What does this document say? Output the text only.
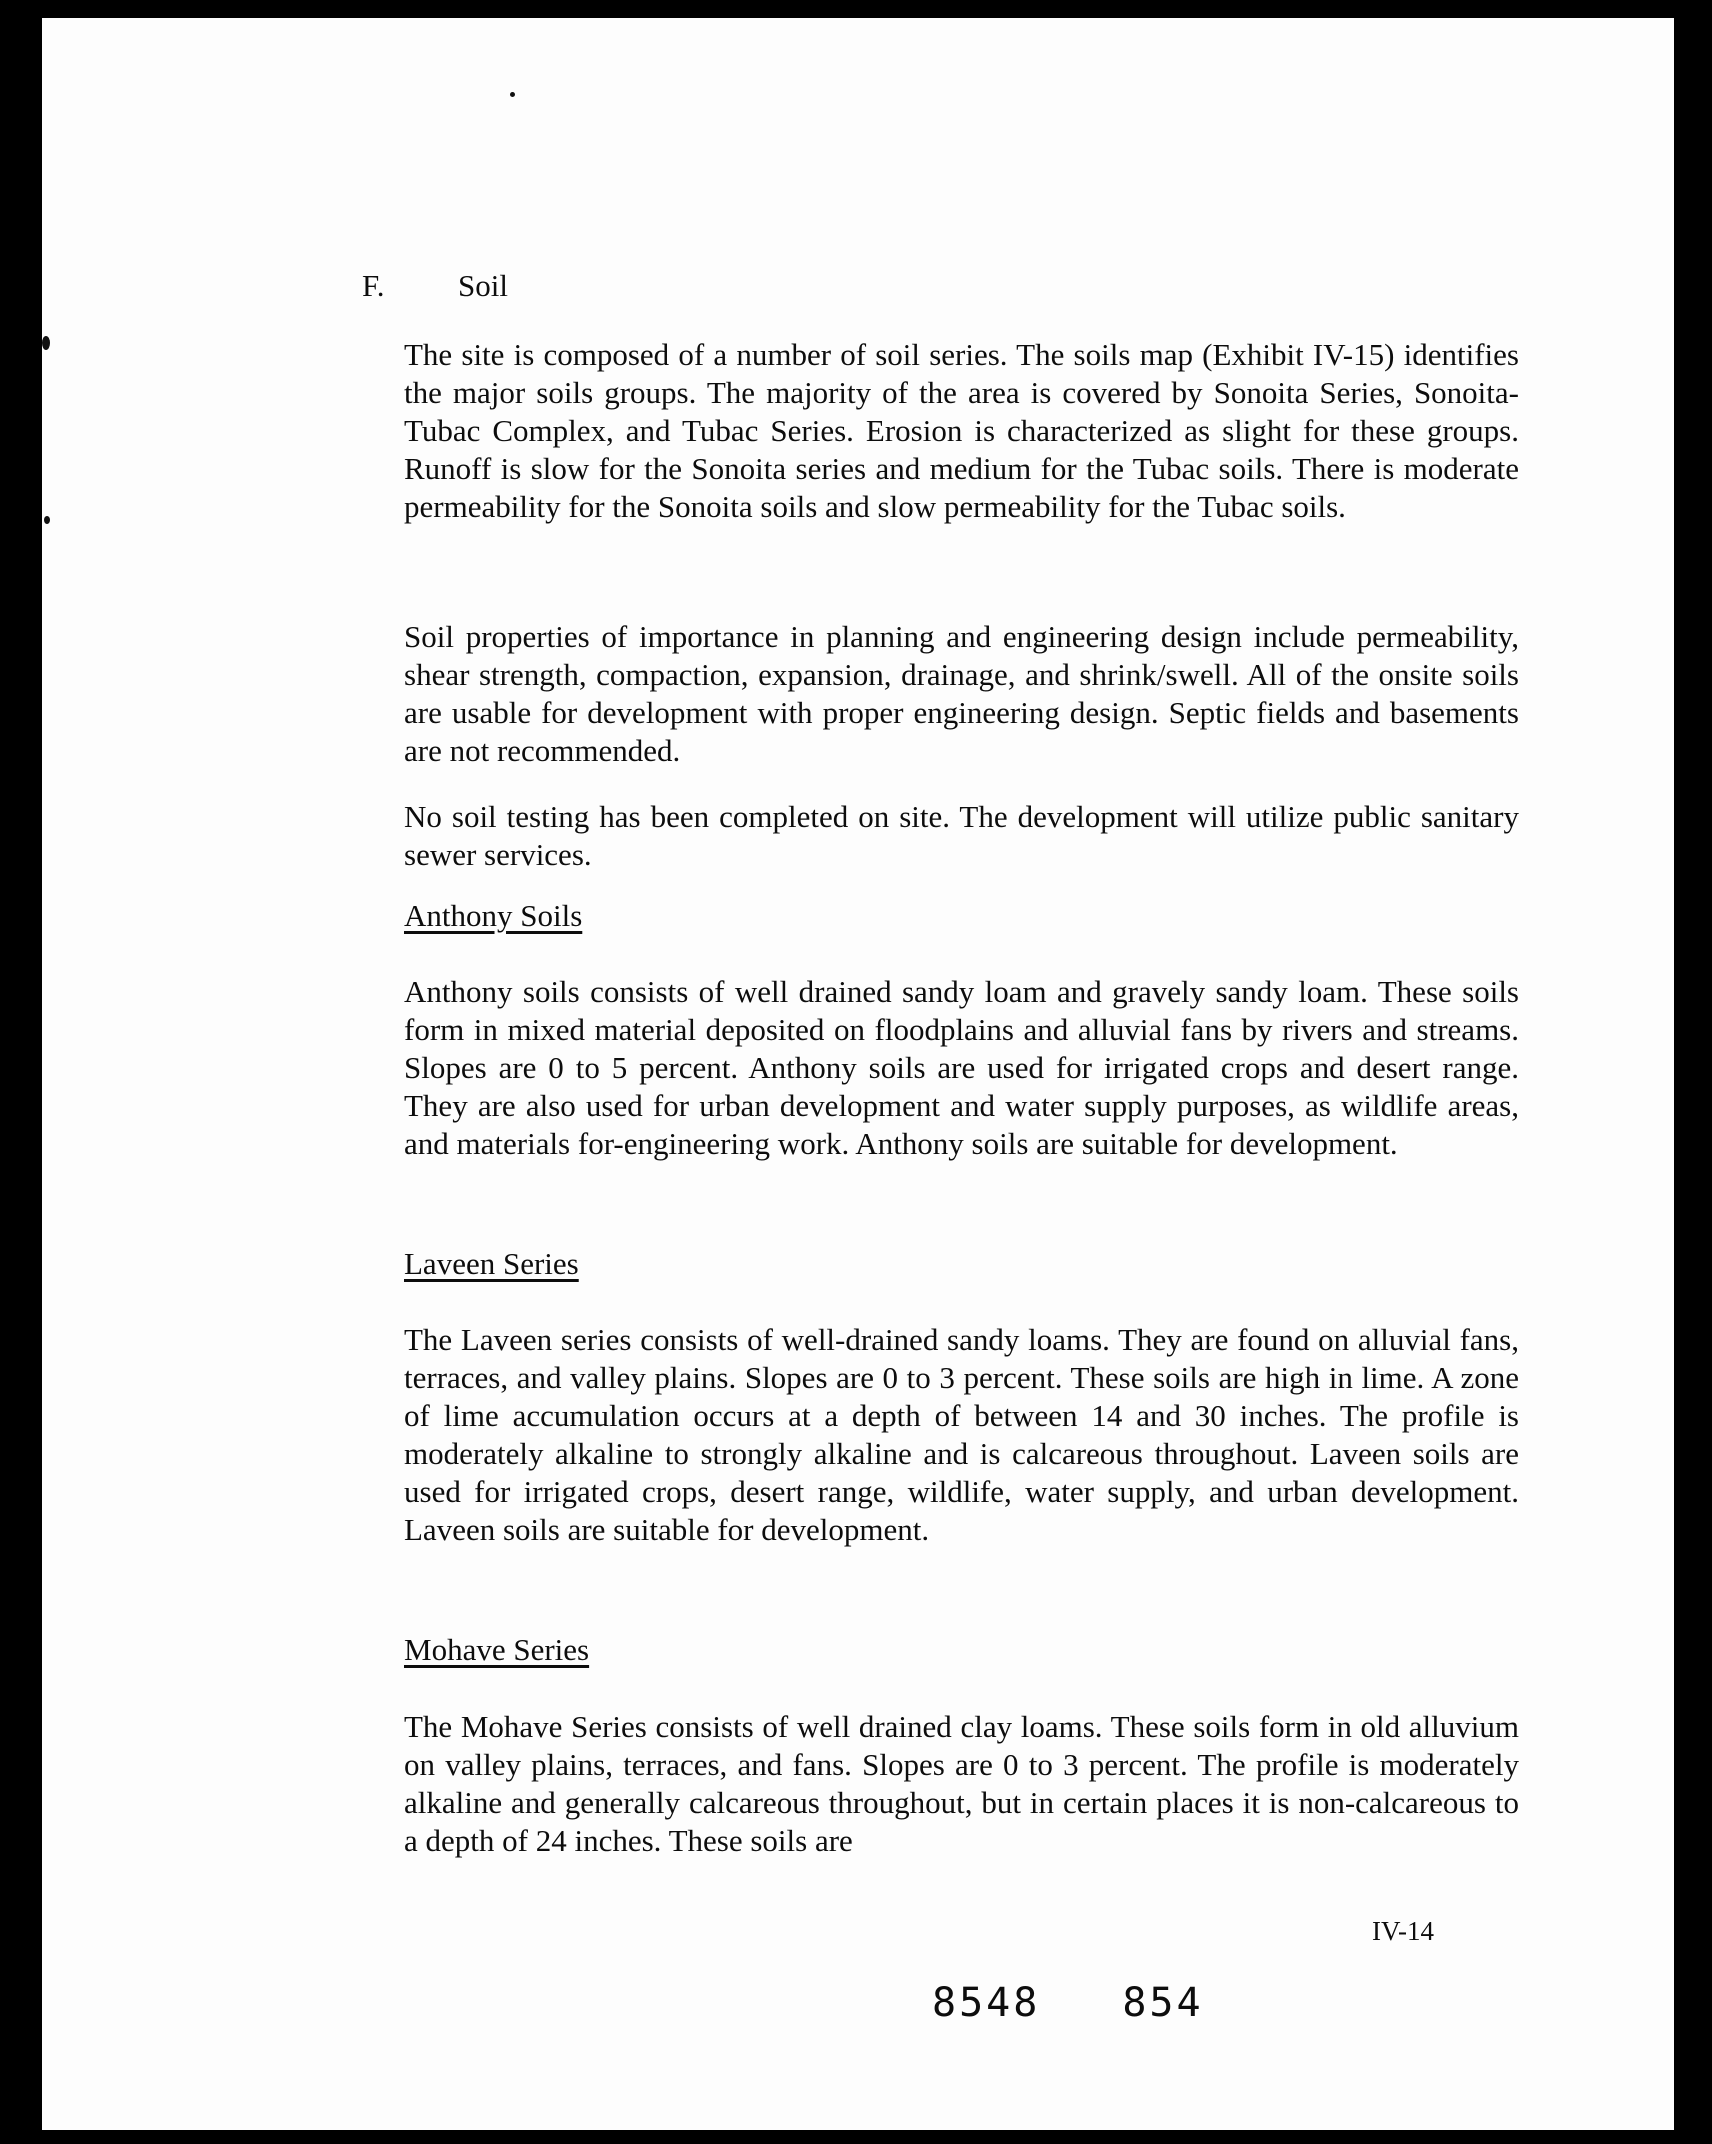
F.	Soil

The site is composed of a number of soil series. The soils map (Exhibit IV-15) identifies the major soils groups. The majority of the area is covered by Sonoita Series, Sonoita-Tubac Complex, and Tubac Series. Erosion is characterized as slight for these groups. Runoff is slow for the Sonoita series and medium for the Tubac soils. There is moderate permeability for the Sonoita soils and slow permeability for the Tubac soils.

Soil properties of importance in planning and engineering design include permeability, shear strength, compaction, expansion, drainage, and shrink/swell. All of the onsite soils are usable for development with proper engineering design. Septic fields and basements are not recommended.

No soil testing has been completed on site. The development will utilize public sanitary sewer services.

Anthony Soils

Anthony soils consists of well drained sandy loam and gravely sandy loam. These soils form in mixed material deposited on floodplains and alluvial fans by rivers and streams. Slopes are 0 to 5 percent. Anthony soils are used for irrigated crops and desert range. They are also used for urban development and water supply purposes, as wildlife areas, and materials for-engineering work. Anthony soils are suitable for development.

Laveen Series

The Laveen series consists of well-drained sandy loams. They are found on alluvial fans, terraces, and valley plains. Slopes are 0 to 3 percent. These soils are high in lime. A zone of lime accumulation occurs at a depth of between 14 and 30 inches. The profile is moderately alkaline to strongly alkaline and is calcareous throughout. Laveen soils are used for irrigated crops, desert range, wildlife, water supply, and urban development. Laveen soils are suitable for development.

Mohave Series

The Mohave Series consists of well drained clay loams. These soils form in old alluvium on valley plains, terraces, and fans. Slopes are 0 to 3 percent. The profile is moderately alkaline and generally calcareous throughout, but in certain places it is non-calcareous to a depth of 24 inches. These soils are

IV-14
8548 854
